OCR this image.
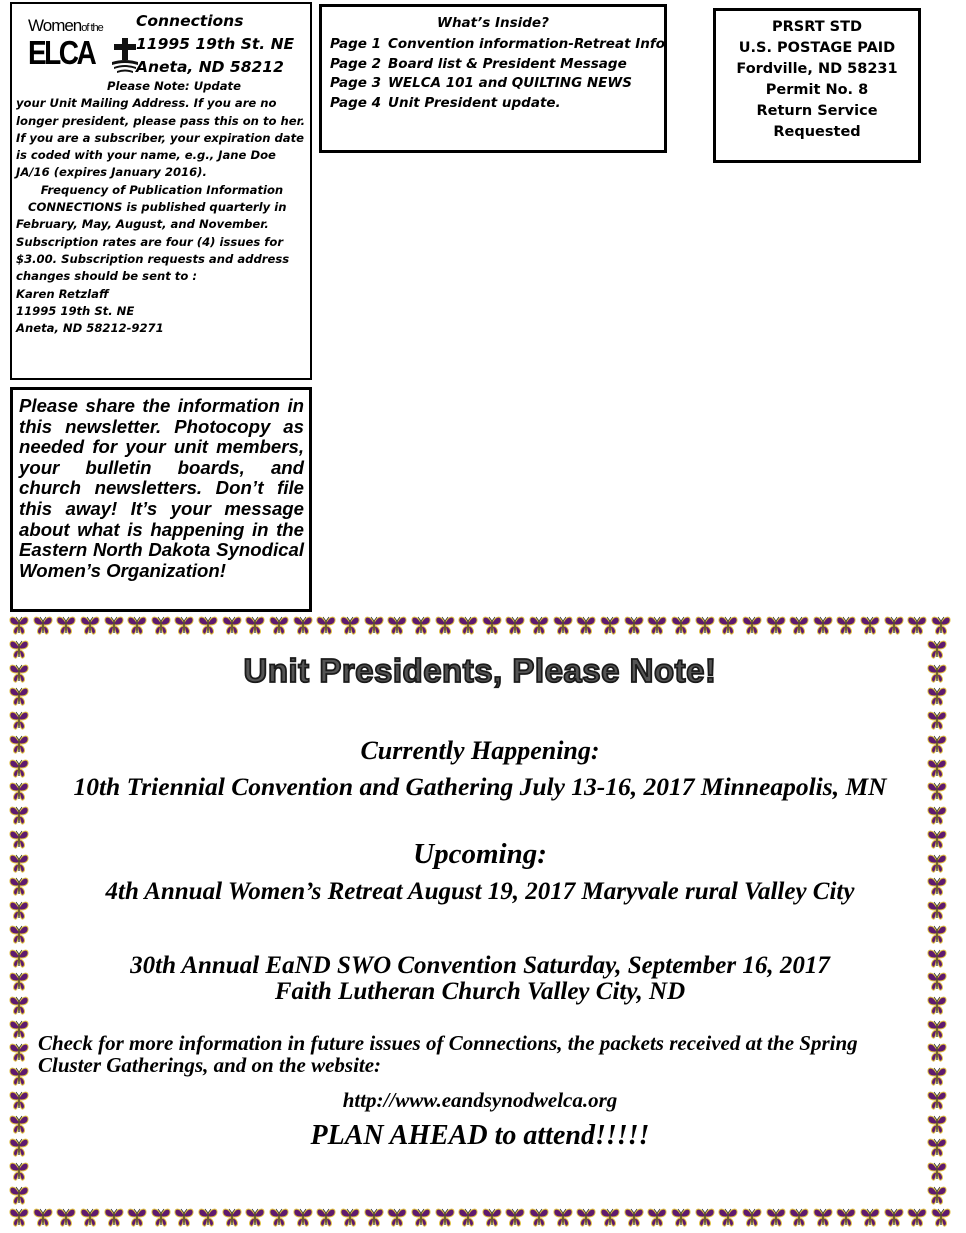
Womenof the
ELCA
Connections
11995 19th St. NE
Aneta, ND 58212

Please Note: Update

your Unit Mailing Address. If you are no longer president, please pass this on to her. If you are a subscriber, your expiration date is coded with your name, e.g., Jane Doe JA/16 (expires January 2016).

Frequency of Publication Information

CONNECTIONS is published quarterly in February, May, August, and November. Subscription rates are four (4) issues for $3.00. Subscription requests and address changes should be sent to :

Karen Retzlaff

11995 19th St. NE

Aneta, ND 58212-9271

Please share the information in this newsletter. Photocopy as needed for your unit members, your bulletin boards, and church newsletters. Don’t file this away! It’s your message about what is happening in the Eastern North Dakota Synodical Women’s Organization!
What’s Inside?
Page 1 Convention information-Retreat Info
Page 2 Board list & President Message
Page 3 WELCA 101 and QUILTING NEWS
Page 4 Unit President update.
PRSRT STD
U.S. POSTAGE PAID
Fordville, ND 58231
Permit No. 8
Return Service Requested
Unit Presidents, Please Note!
Currently Happening:
10th Triennial Convention and Gathering July 13-16, 2017 Minneapolis, MN
Upcoming:
4th Annual Women’s Retreat August 19, 2017 Maryvale rural Valley City
30th Annual EaND SWO Convention Saturday, September 16, 2017
Faith Lutheran Church Valley City, ND
Check for more information in future issues of Connections, the packets received at the Spring Cluster Gatherings, and on the website:
http://www.eandsynodwelca.org
PLAN AHEAD to attend!!!!!
